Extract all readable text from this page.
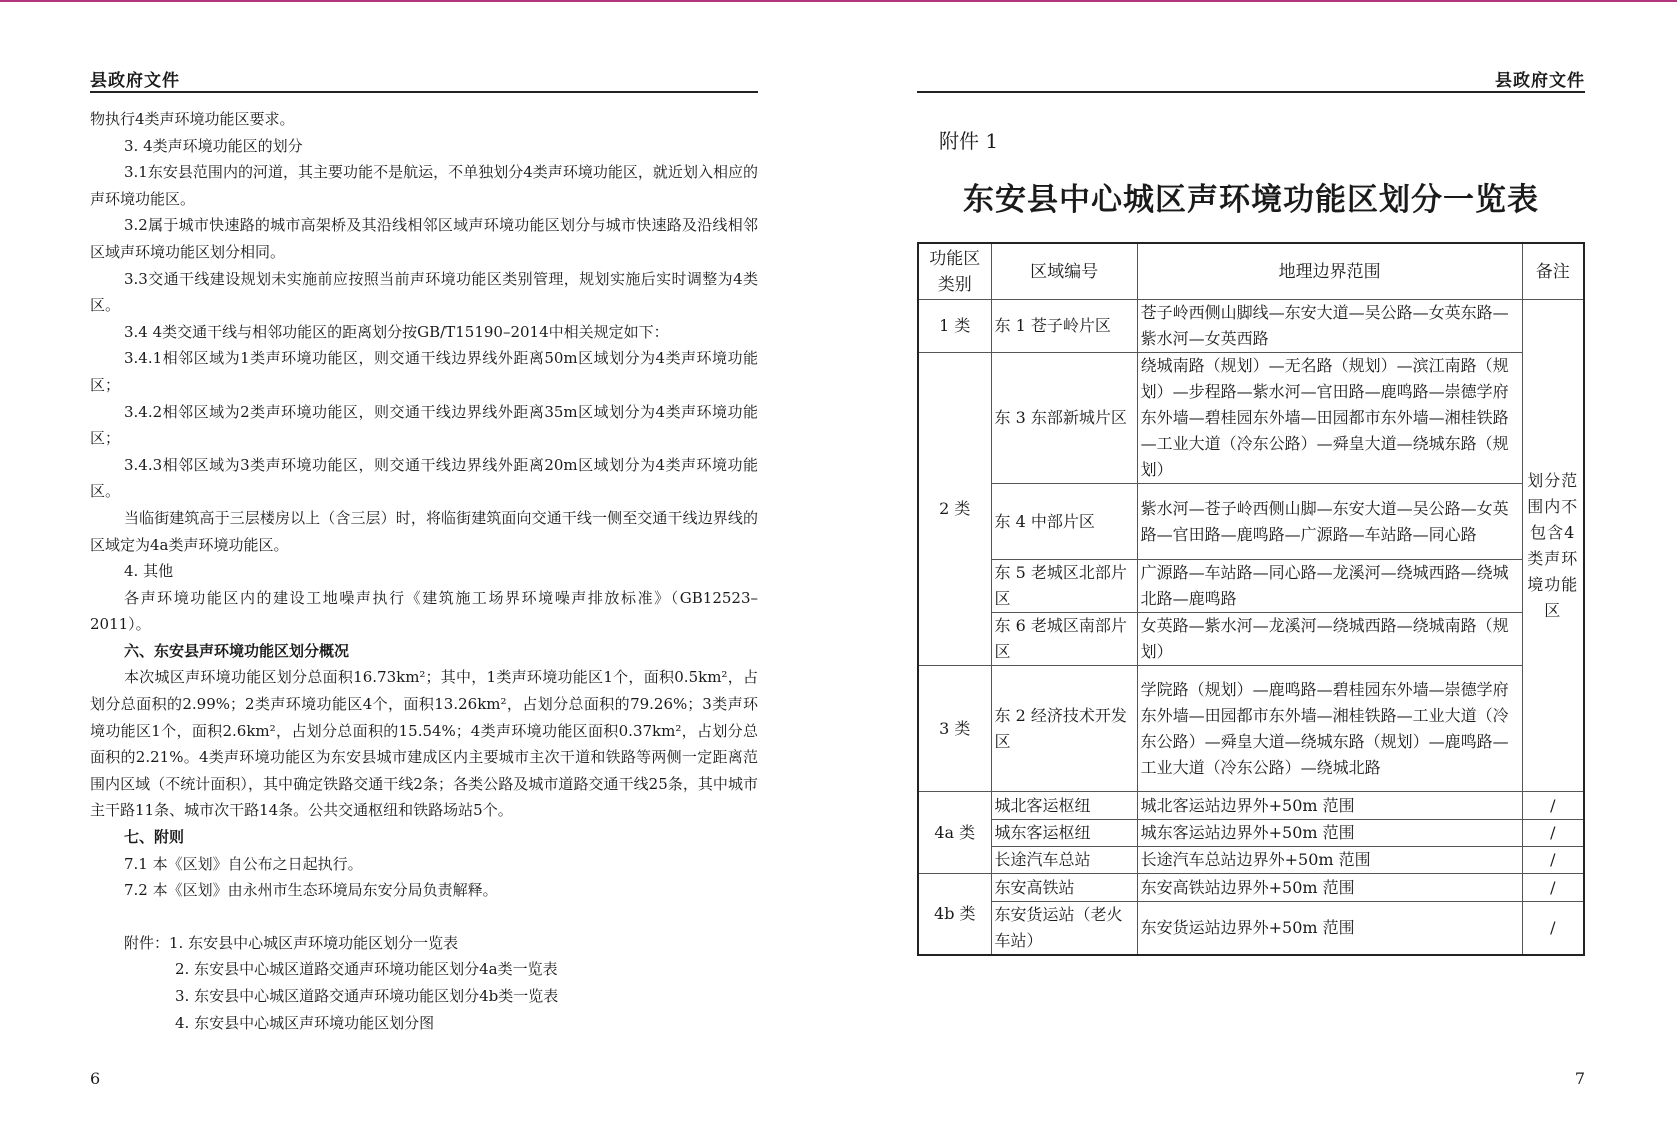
县政府文件

物执行4类声环境功能区要求。

3. 4类声环境功能区的划分

3.1东安县范围内的河道，其主要功能不是航运，不单独划分4类声环境功能区，就近划入相应的声环境功能区。

3.2属于城市快速路的城市高架桥及其沿线相邻区域声环境功能区划分与城市快速路及沿线相邻区域声环境功能区划分相同。

3.3交通干线建设规划未实施前应按照当前声环境功能区类别管理，规划实施后实时调整为4类区。

3.4 4类交通干线与相邻功能区的距离划分按GB/T15190–2014中相关规定如下：

3.4.1相邻区域为1类声环境功能区，则交通干线边界线外距离50m区域划分为4类声环境功能区；

3.4.2相邻区域为2类声环境功能区，则交通干线边界线外距离35m区域划分为4类声环境功能区；

3.4.3相邻区域为3类声环境功能区，则交通干线边界线外距离20m区域划分为4类声环境功能区。

当临街建筑高于三层楼房以上（含三层）时，将临街建筑面向交通干线一侧至交通干线边界线的区域定为4a类声环境功能区。

4. 其他

各声环境功能区内的建设工地噪声执行《建筑施工场界环境噪声排放标准》（GB12523–2011）。

六、东安县声环境功能区划分概况

本次城区声环境功能区划分总面积16.73km²；其中，1类声环境功能区1个，面积0.5km²，占划分总面积的2.99%；2类声环境功能区4个，面积13.26km²，占划分总面积的79.26%；3类声环境功能区1个，面积2.6km²，占划分总面积的15.54%；4类声环境功能区面积0.37km²，占划分总面积的2.21%。4类声环境功能区为东安县城市建成区内主要城市主次干道和铁路等两侧一定距离范围内区域（不统计面积），其中确定铁路交通干线2条；各类公路及城市道路交通干线25条，其中城市主干路11条、城市次干路14条。公共交通枢纽和铁路场站5个。

七、附则

7.1 本《区划》自公布之日起执行。

7.2 本《区划》由永州市生态环境局东安分局负责解释。

附件：1. 东安县中心城区声环境功能区划分一览表

2. 东安县中心城区道路交通声环境功能区划分4a类一览表

3. 东安县中心城区道路交通声环境功能区划分4b类一览表

4. 东安县中心城区声环境功能区划分图

6
县政府文件
附件 1
东安县中心城区声环境功能区划分一览表
功能区类别	区域编号	地理边界范围	备注
1 类	东 1 苍子岭片区	苍子岭西侧山脚线—东安大道—吴公路—女英东路—紫水河—女英西路	划分范围内不包含4类声环境功能区
2 类	东 3 东部新城片区	绕城南路（规划）—无名路（规划）—滨江南路（规划）—步程路—紫水河—官田路—鹿鸣路—崇德学府东外墙—碧桂园东外墙—田园都市东外墙—湘桂铁路—工业大道（冷东公路）—舜皇大道—绕城东路（规划）	
	东 4 中部片区	紫水河—苍子岭西侧山脚—东安大道—吴公路—女英路—官田路—鹿鸣路—广源路—车站路—同心路	
	东 5 老城区北部片区	广源路—车站路—同心路—龙溪河—绕城西路—绕城北路—鹿鸣路	
	东 6 老城区南部片区	女英路—紫水河—龙溪河—绕城西路—绕城南路（规划）	
3 类	东 2 经济技术开发区	学院路（规划）—鹿鸣路—碧桂园东外墙—崇德学府东外墙—田园都市东外墙—湘桂铁路—工业大道（冷东公路）—舜皇大道—绕城东路（规划）—鹿鸣路—工业大道（冷东公路）—绕城北路	
4a 类	城北客运枢纽	城北客运站边界外+50m 范围	/
	城东客运枢纽	城东客运站边界外+50m 范围	/
	长途汽车总站	长途汽车总站边界外+50m 范围	/
4b 类	东安高铁站	东安高铁站边界外+50m 范围	/
	东安货运站（老火车站）	东安货运站边界外+50m 范围	/
7
